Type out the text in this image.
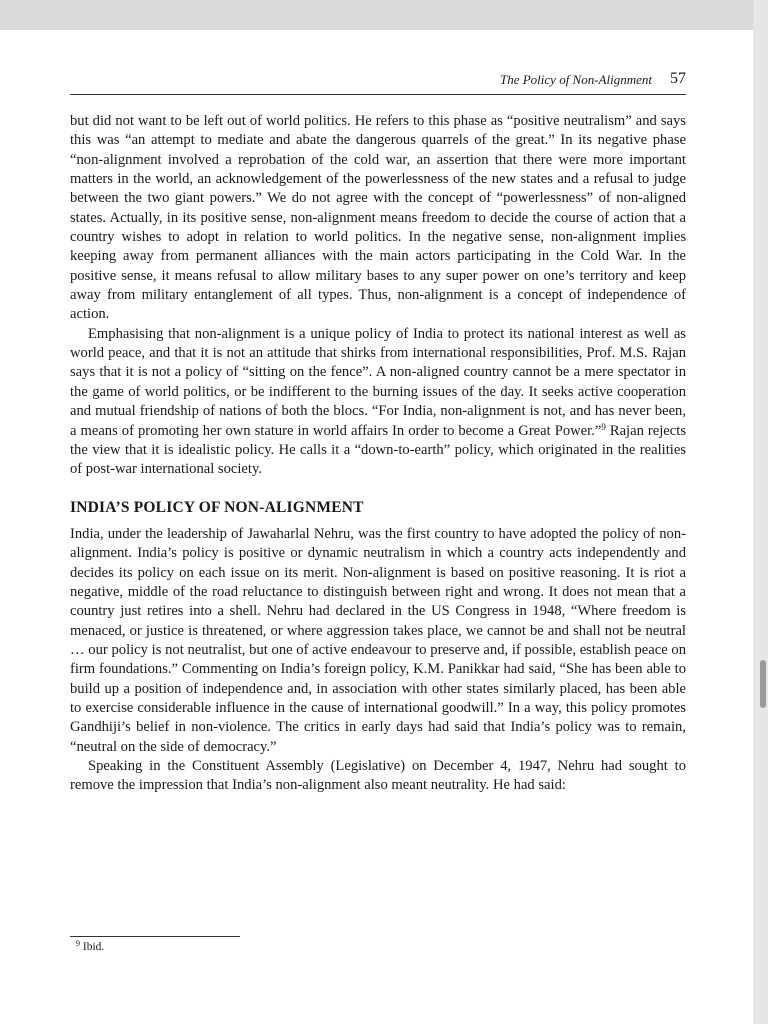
The Policy of Non-Alignment 57

but did not want to be left out of world politics. He refers to this phase as “positive neutralism” and says this was “an attempt to mediate and abate the dangerous quarrels of the great.” In its negative phase “non-alignment involved a reprobation of the cold war, an assertion that there were more important matters in the world, an acknowledgement of the powerlessness of the new states and a refusal to judge between the two giant powers.” We do not agree with the concept of “powerlessness” of non-aligned states. Actually, in its positive sense, non-alignment means freedom to decide the course of action that a country wishes to adopt in relation to world politics. In the negative sense, non-alignment implies keeping away from permanent alliances with the main actors participating in the Cold War. In the positive sense, it means refusal to allow military bases to any super power on one’s territory and keep away from military entanglement of all types. Thus, non-alignment is a concept of independence of action.

Emphasising that non-alignment is a unique policy of India to protect its national interest as well as world peace, and that it is not an attitude that shirks from international responsibilities, Prof. M.S. Rajan says that it is not a policy of “sitting on the fence”. A non-aligned country cannot be a mere spectator in the game of world politics, or be indifferent to the burning issues of the day. It seeks active cooperation and mutual friendship of nations of both the blocs. “For India, non-alignment is not, and has never been, a means of promoting her own stature in world affairs In order to become a Great Power.”$^9$ Rajan rejects the view that it is idealistic policy. He calls it a “down-to-earth” policy, which originated in the realities of post-war international society.

INDIA’S POLICY OF NON-ALIGNMENT

India, under the leadership of Jawaharlal Nehru, was the first country to have adopted the policy of non-alignment. India’s policy is positive or dynamic neutralism in which a country acts independently and decides its policy on each issue on its merit. Non-alignment is based on positive reasoning. It is riot a negative, middle of the road reluctance to distinguish between right and wrong. It does not mean that a country just retires into a shell. Nehru had declared in the US Congress in 1948, “Where freedom is menaced, or justice is threatened, or where aggression takes place, we cannot be and shall not be neutral … our policy is not neutralist, but one of active endeavour to preserve and, if possible, establish peace on firm foundations.” Commenting on India’s foreign policy, K.M. Panikkar had said, “She has been able to build up a position of independence and, in association with other states similarly placed, has been able to exercise considerable influence in the cause of international goodwill.” In a way, this policy promotes Gandhiji’s belief in non-violence. The critics in early days had said that India’s policy was to remain, “neutral on the side of democracy.”

Speaking in the Constituent Assembly (Legislative) on December 4, 1947, Nehru had sought to remove the impression that India’s non-alignment also meant neutrality. He had said:

$^9$ Ibid.
